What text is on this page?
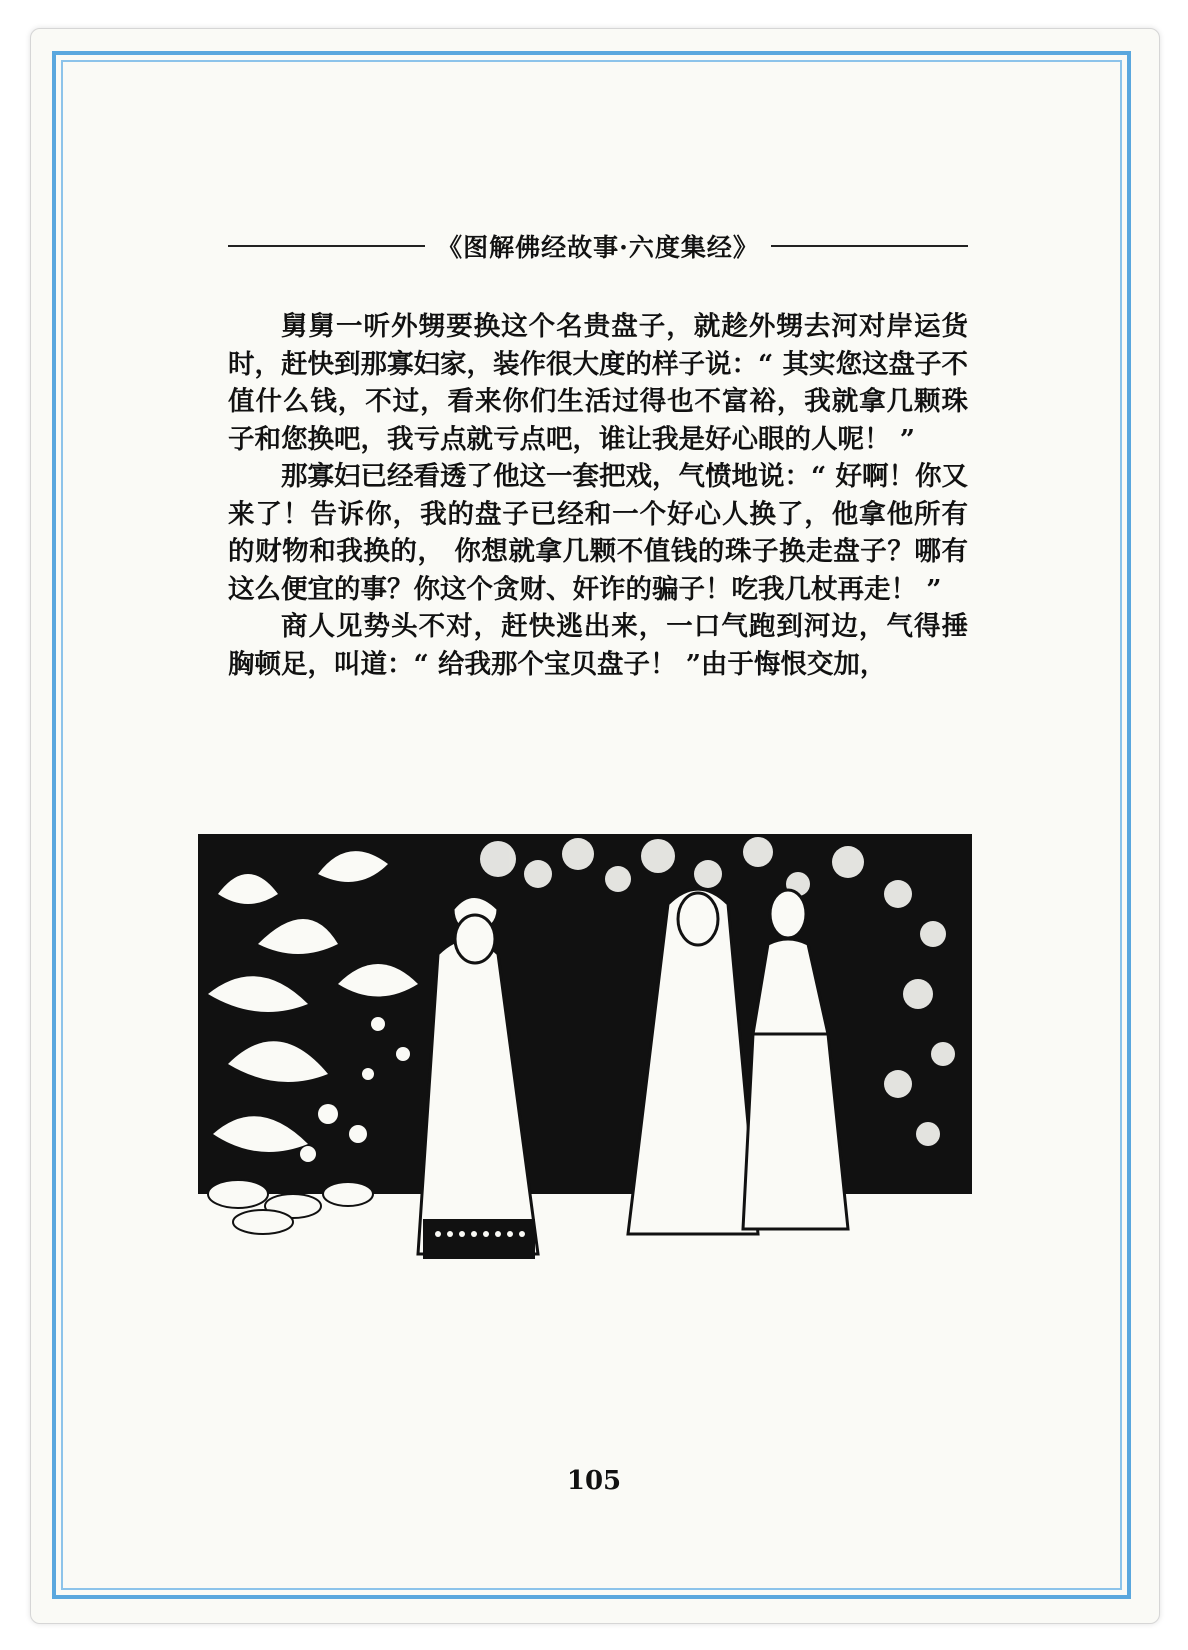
《图解佛经故事·六度集经》

舅舅一听外甥要换这个名贵盘子，就趁外甥去河对岸运货时，赶快到那寡妇家，装作很大度的样子说：“ 其实您这盘子不值什么钱，不过，看来你们生活过得也不富裕，我就拿几颗珠子和您换吧，我亏点就亏点吧，谁让我是好心眼的人呢！ ”

那寡妇已经看透了他这一套把戏，气愤地说：“ 好啊！你又来了！告诉你，我的盘子已经和一个好心人换了，他拿他所有的财物和我换的， 你想就拿几颗不值钱的珠子换走盘子？哪有这么便宜的事？你这个贪财、奸诈的骗子！吃我几杖再走！ ”

商人见势头不对，赶快逃出来，一口气跑到河边，气得捶胸顿足，叫道：“ 给我那个宝贝盘子！ ”由于悔恨交加，

105
